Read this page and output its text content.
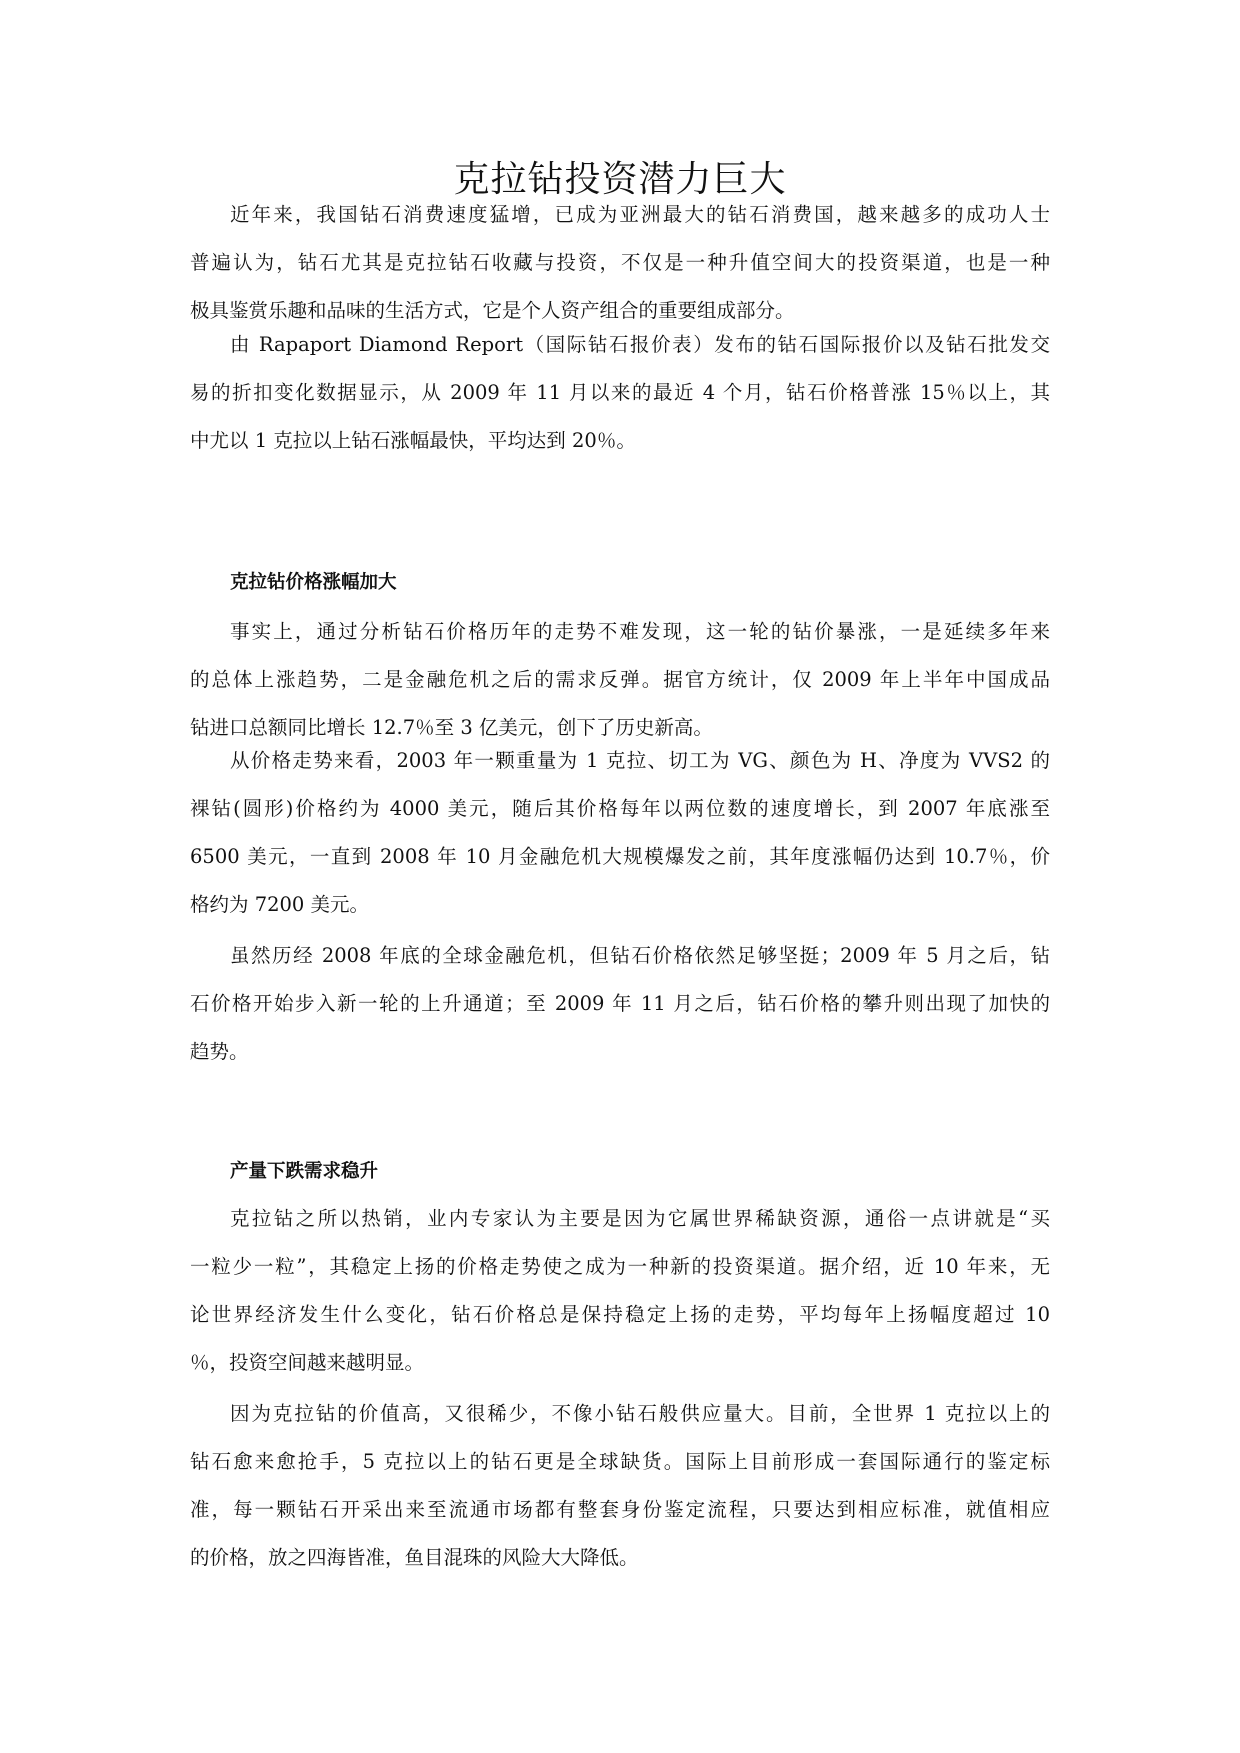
克拉钻投资潜力巨大
近年来，我国钻石消费速度猛增，已成为亚洲最大的钻石消费国，越来越多的成功人士
普遍认为，钻石尤其是克拉钻石收藏与投资，不仅是一种升值空间大的投资渠道，也是一种
极具鉴赏乐趣和品味的生活方式，它是个人资产组合的重要组成部分。
由 Rapaport Diamond Report（国际钻石报价表）发布的钻石国际报价以及钻石批发交
易的折扣变化数据显示，从 2009 年 11 月以来的最近 4 个月，钻石价格普涨 15％以上，其
中尤以 1 克拉以上钻石涨幅最快，平均达到 20％。
克拉钻价格涨幅加大
事实上，通过分析钻石价格历年的走势不难发现，这一轮的钻价暴涨，一是延续多年来
的总体上涨趋势，二是金融危机之后的需求反弹。据官方统计，仅 2009 年上半年中国成品
钻进口总额同比增长 12.7％至 3 亿美元，创下了历史新高。
从价格走势来看，2003 年一颗重量为 1 克拉、切工为 VG、颜色为 H、净度为 VVS2 的
裸钻(圆形)价格约为 4000 美元，随后其价格每年以两位数的速度增长，到 2007 年底涨至
6500 美元，一直到 2008 年 10 月金融危机大规模爆发之前，其年度涨幅仍达到 10.7％，价
格约为 7200 美元。
虽然历经 2008 年底的全球金融危机，但钻石价格依然足够坚挺；2009 年 5 月之后，钻
石价格开始步入新一轮的上升通道；至 2009 年 11 月之后，钻石价格的攀升则出现了加快的
趋势。
产量下跌需求稳升
克拉钻之所以热销，业内专家认为主要是因为它属世界稀缺资源，通俗一点讲就是“买
一粒少一粒”，其稳定上扬的价格走势使之成为一种新的投资渠道。据介绍，近 10 年来，无
论世界经济发生什么变化，钻石价格总是保持稳定上扬的走势，平均每年上扬幅度超过 10
％，投资空间越来越明显。
因为克拉钻的价值高，又很稀少，不像小钻石般供应量大。目前，全世界 1 克拉以上的
钻石愈来愈抢手，5 克拉以上的钻石更是全球缺货。国际上目前形成一套国际通行的鉴定标
准，每一颗钻石开采出来至流通市场都有整套身份鉴定流程，只要达到相应标准，就值相应
的价格，放之四海皆准，鱼目混珠的风险大大降低。
